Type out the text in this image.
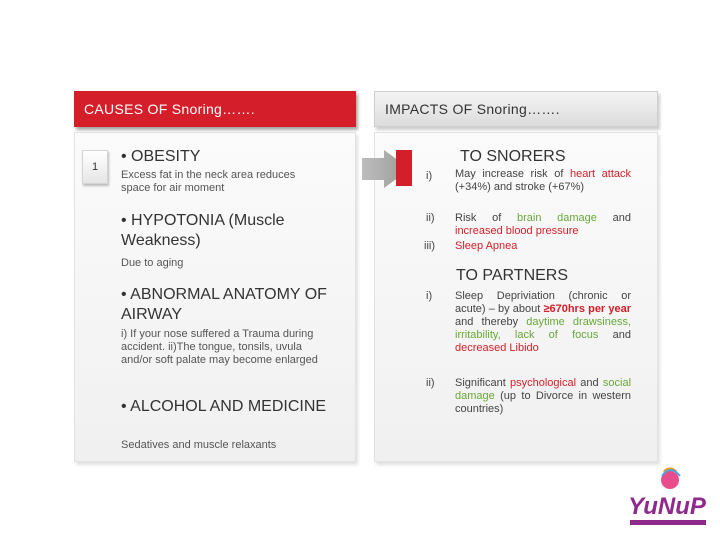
CAUSES OF Snoring…….	IMPACTS OF Snoring…….
1
• OBESITY
Excess fat in the neck area reduces space for air moment
• HYPOTONIA (Muscle Weakness)
Due to aging
• ABNORMAL ANATOMY OF AIRWAY
i) If your nose suffered a Trauma during accident. ii)The tongue, tonsils, uvula and/or soft palate may become enlarged
• ALCOHOL AND MEDICINE
Sedatives and muscle relaxants
TO SNORERS
i) May increase risk of heart attack (+34%) and stroke (+67%)
ii) Risk of brain damage and increased blood pressure
iii) Sleep Apnea
TO PARTNERS
i) Sleep Depriviation (chronic or acute) – by about ≥670hrs per year and thereby daytime drawsiness, irritability, lack of focus and decreased Libido
ii) Significant psychological and social damage (up to Divorce in western countries)
YuNuP
